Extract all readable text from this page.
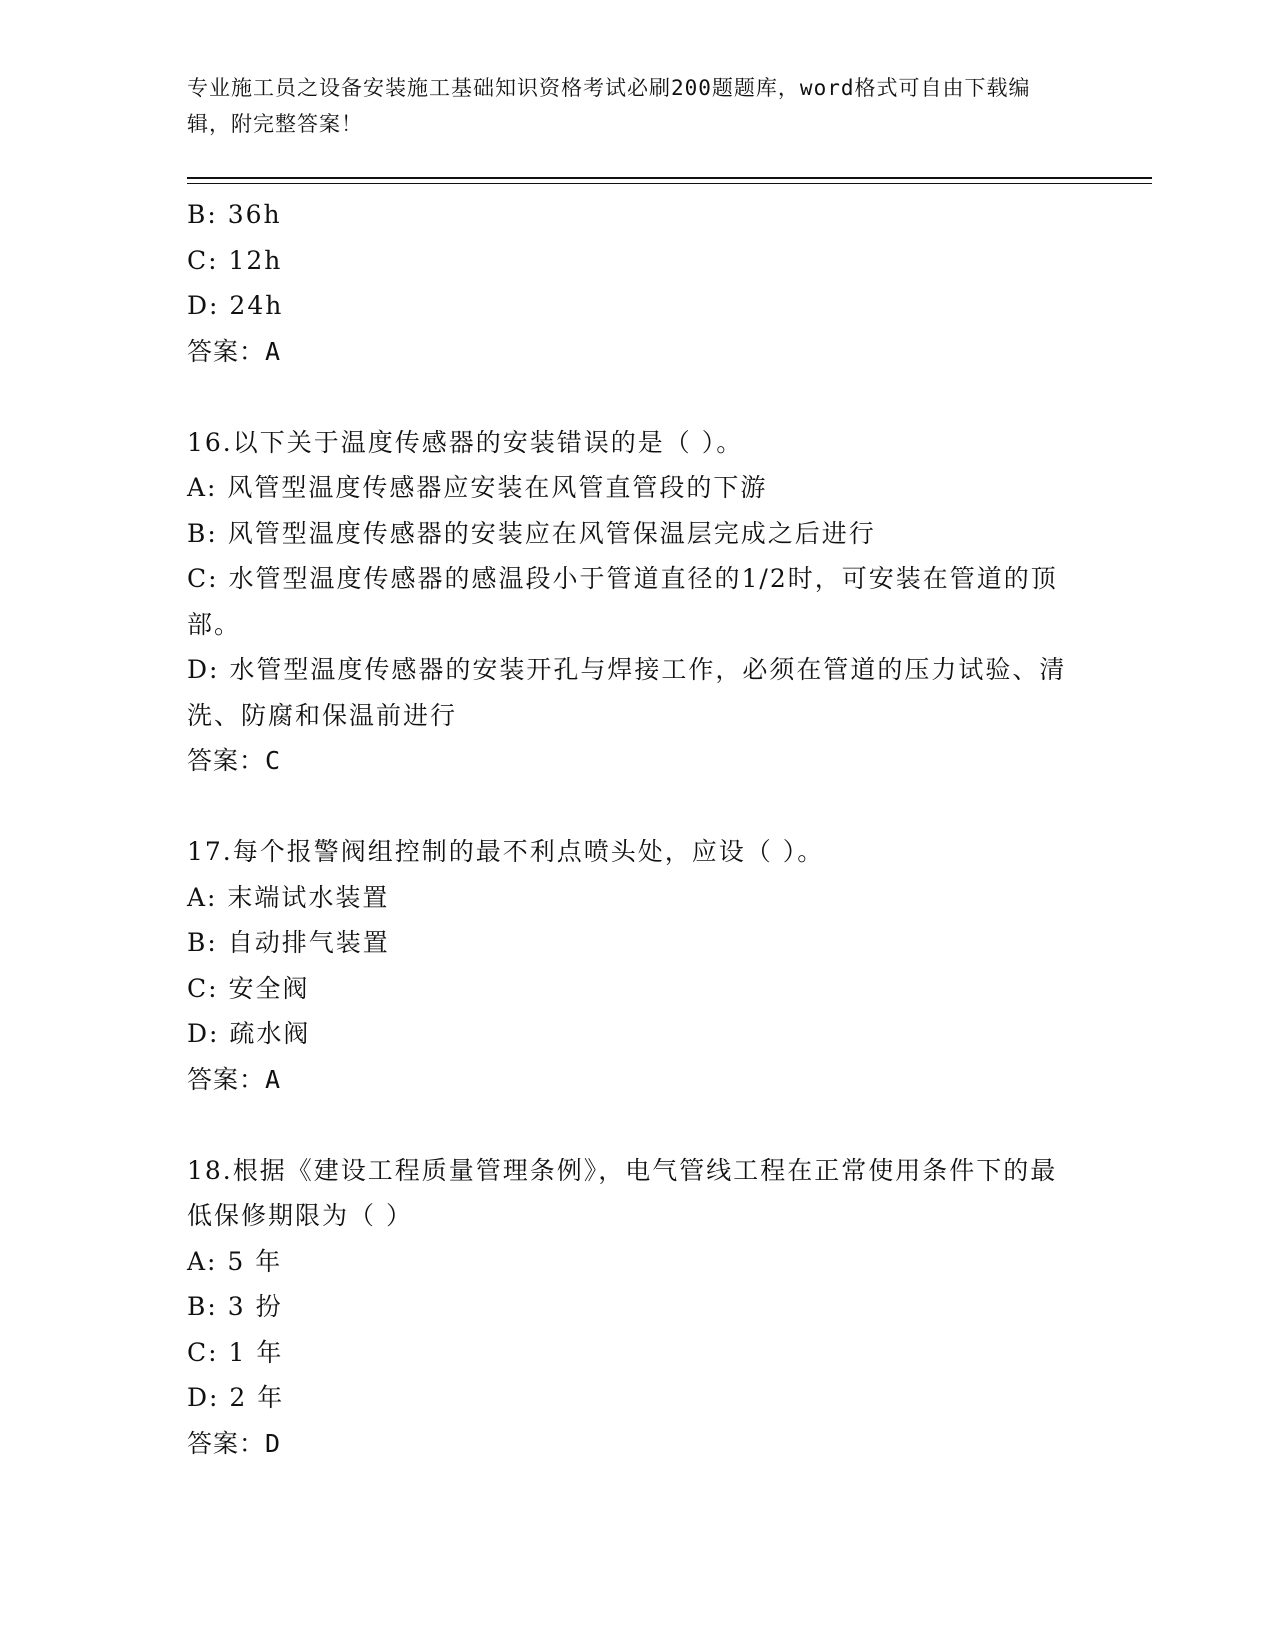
专业施工员之设备安装施工基础知识资格考试必刷200题题库，word格式可自由下载编辑，附完整答案！
B: 36h
C: 12h
D: 24h
答案：A
16.以下关于温度传感器的安装错误的是（ ）。
A: 风管型温度传感器应安装在风管直管段的下游
B: 风管型温度传感器的安装应在风管保温层完成之后进行
C: 水管型温度传感器的感温段小于管道直径的1/2时，可安装在管道的顶部。
D: 水管型温度传感器的安装开孔与焊接工作，必须在管道的压力试验、清洗、防腐和保温前进行
答案：C
17.每个报警阀组控制的最不利点喷头处，应设（ ）。
A: 末端试水装置
B: 自动排气装置
C: 安全阀
D: 疏水阀
答案：A
18.根据《建设工程质量管理条例》，电气管线工程在正常使用条件下的最低保修期限为（ ）
A: 5 年
B: 3 扮
C: 1 年
D: 2 年
答案：D
